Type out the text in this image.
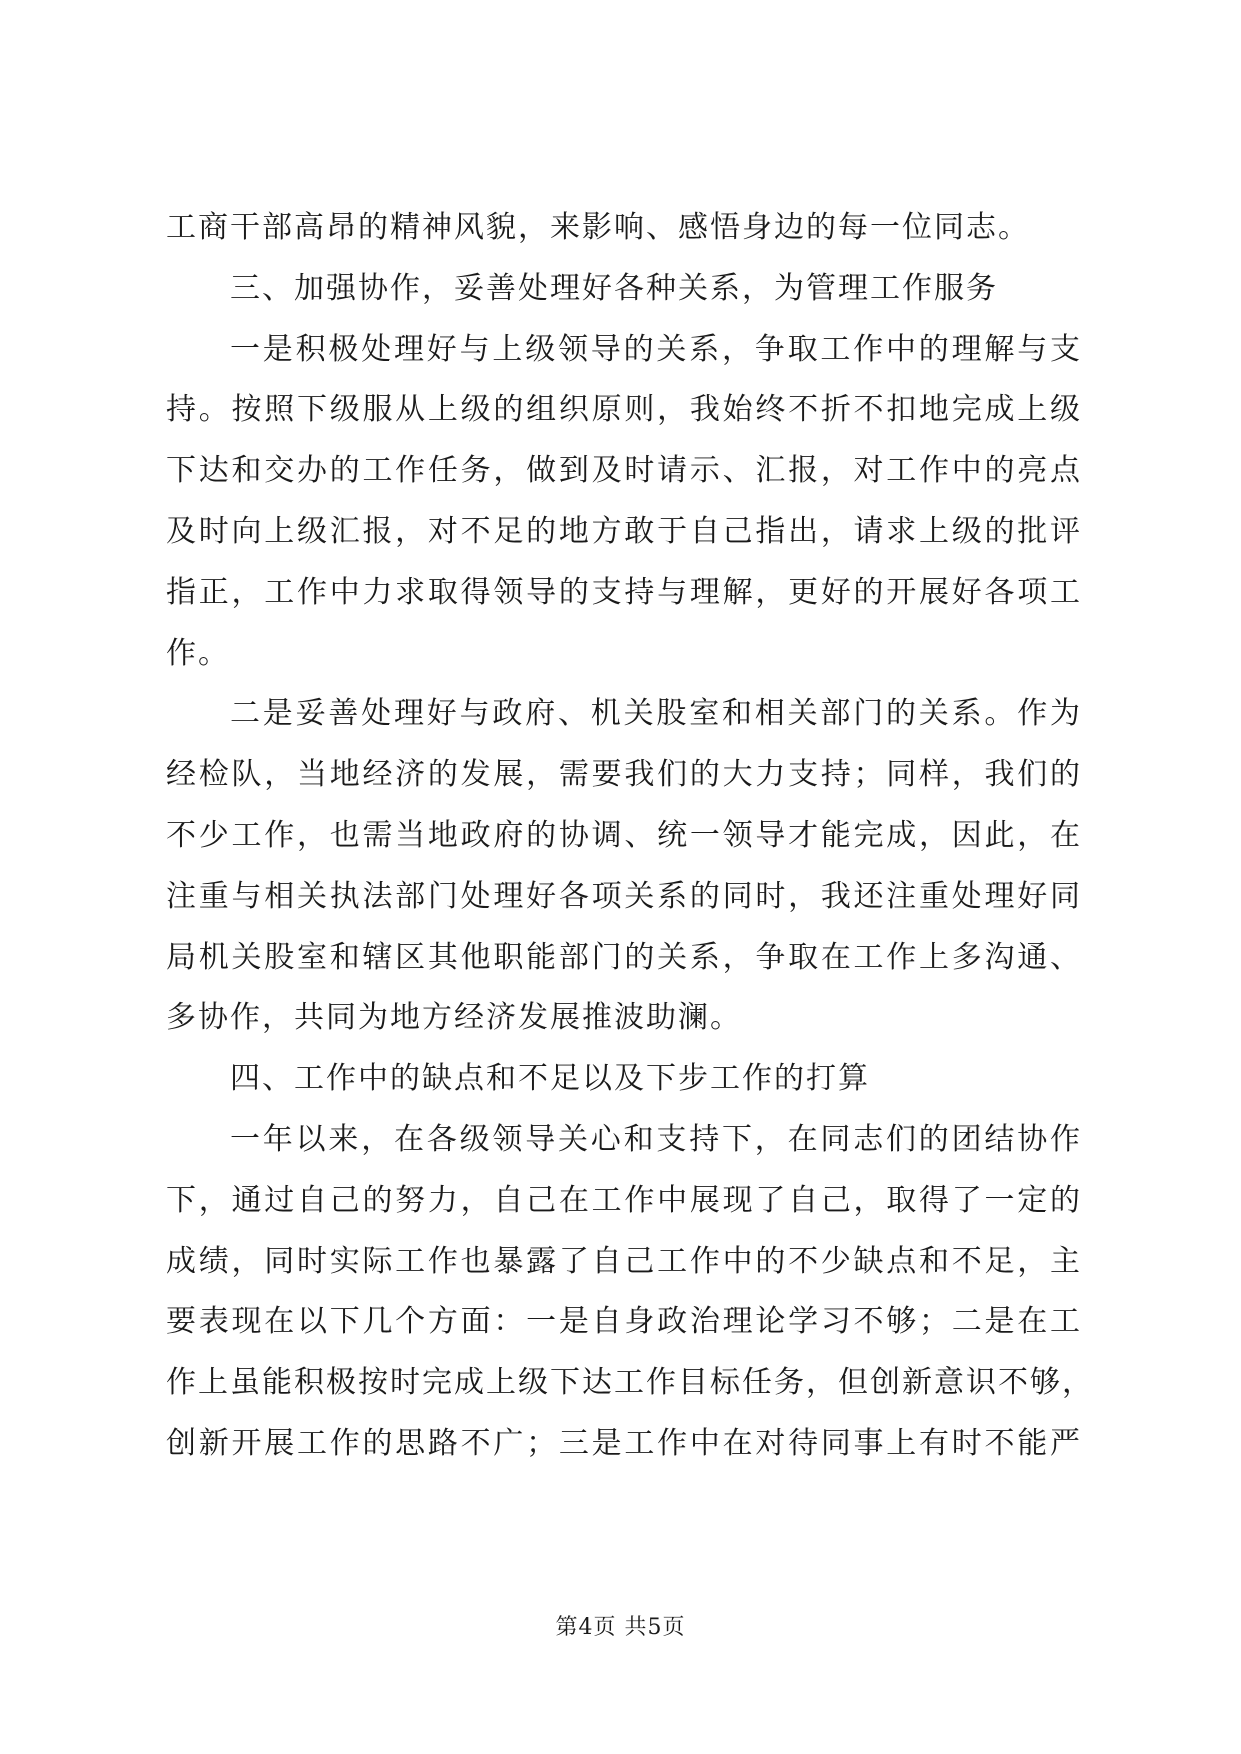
工商干部高昂的精神风貌，来影响、感悟身边的每一位同志。
三、加强协作，妥善处理好各种关系，为管理工作服务
一是积极处理好与上级领导的关系，争取工作中的理解与支
持。按照下级服从上级的组织原则，我始终不折不扣地完成上级
下达和交办的工作任务，做到及时请示、汇报，对工作中的亮点
及时向上级汇报，对不足的地方敢于自己指出，请求上级的批评
指正，工作中力求取得领导的支持与理解，更好的开展好各项工
作。
二是妥善处理好与政府、机关股室和相关部门的关系。作为
经检队，当地经济的发展，需要我们的大力支持；同样，我们的
不少工作，也需当地政府的协调、统一领导才能完成，因此，在
注重与相关执法部门处理好各项关系的同时，我还注重处理好同
局机关股室和辖区其他职能部门的关系，争取在工作上多沟通、
多协作，共同为地方经济发展推波助澜。
四、工作中的缺点和不足以及下步工作的打算
一年以来，在各级领导关心和支持下，在同志们的团结协作
下，通过自己的努力，自己在工作中展现了自己，取得了一定的
成绩，同时实际工作也暴露了自己工作中的不少缺点和不足，主
要表现在以下几个方面：一是自身政治理论学习不够；二是在工
作上虽能积极按时完成上级下达工作目标任务，但创新意识不够，
创新开展工作的思路不广；三是工作中在对待同事上有时不能严
第4页 共5页
